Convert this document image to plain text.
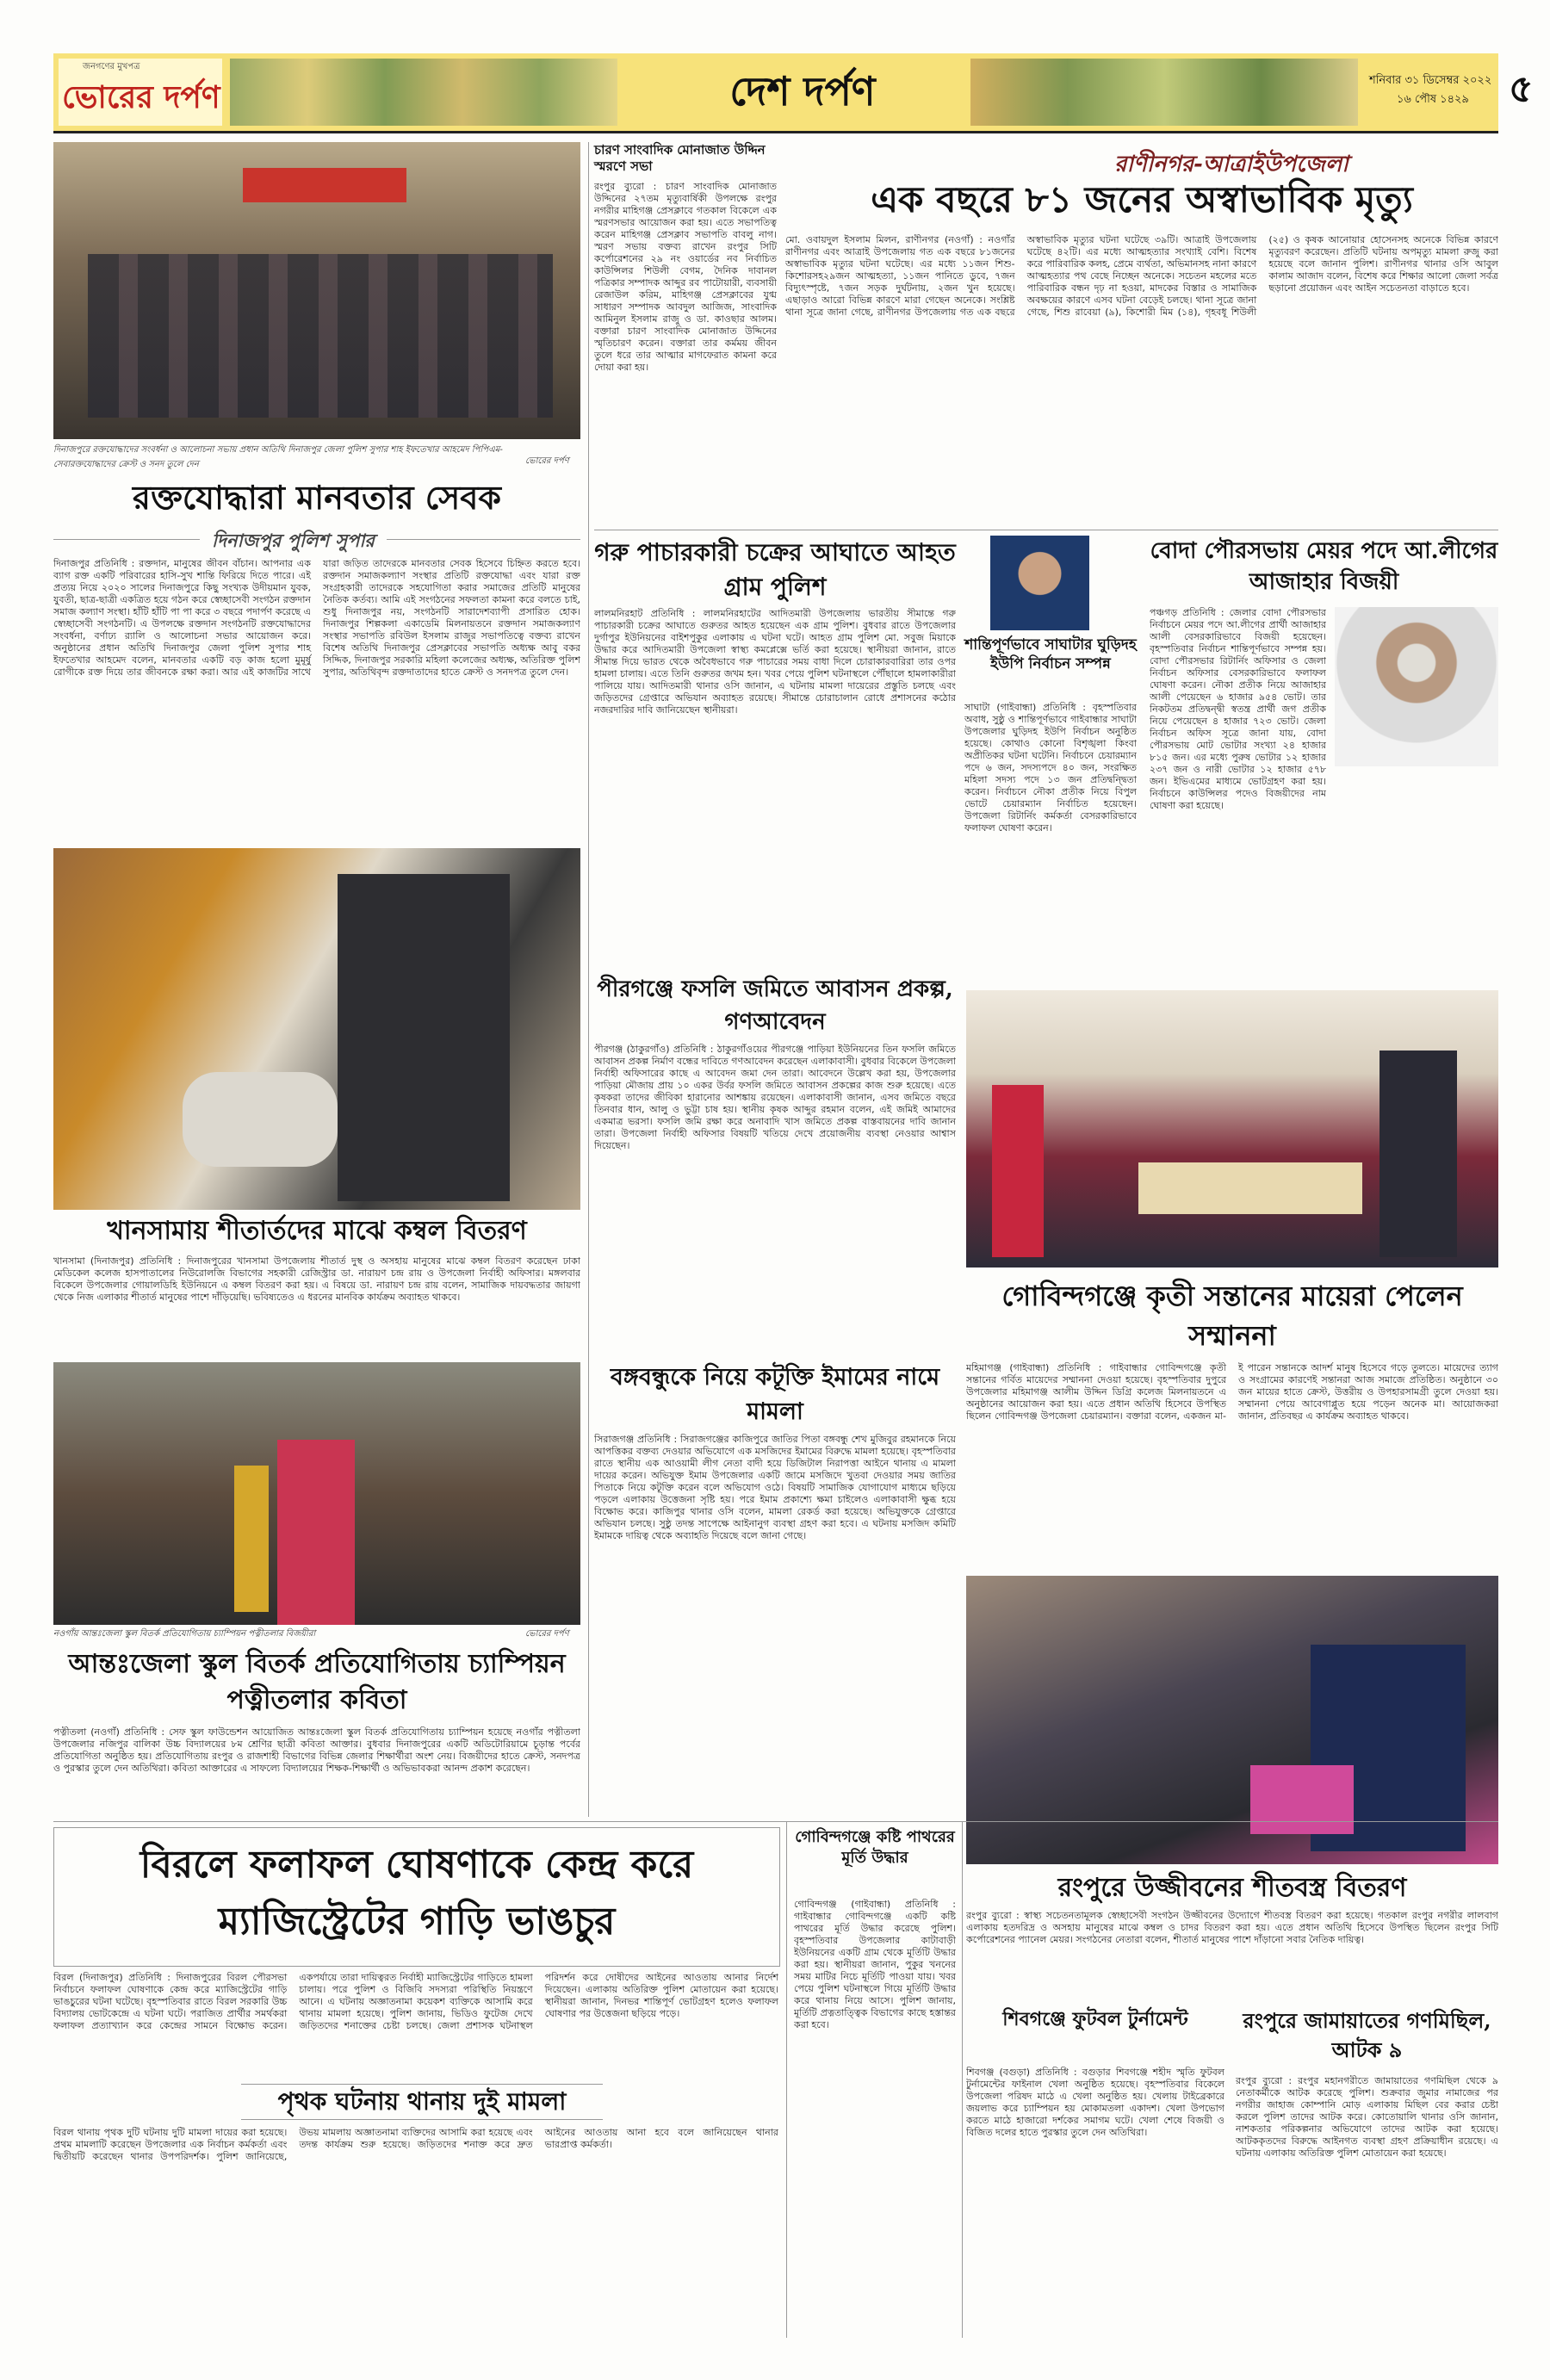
জনগণের মুখপত্র
ভোরের দর্পণ	দেশ দর্পণ	শনিবার ৩১ ডিসেম্বর ২০২২
১৬ পৌষ ১৪২৯ ৫
দিনাজপুরে রক্তযোদ্ধাদের সংবর্ধনা ও আলোচনা সভায় প্রধান অতিথি দিনাজপুর জেলা পুলিশ সুপার শাহ ইফতেখার আহমেদ পিপিএম-সেবারক্তযোদ্ধাদের ক্রেস্ট ও সনদ তুলে দেন	ভোরের দর্পণ
রক্তযোদ্ধারা মানবতার সেবক
দিনাজপুর পুলিশ সুপার
দিনাজপুর প্রতিনিধি : রক্তদান, মানুষের জীবন বাঁচান। আপনার এক ব্যাগ রক্ত একটি পরিবারের হাসি-সুখ শান্তি ফিরিয়ে দিতে পারে। এই প্রত্যয় নিয়ে ২০২০ সালের দিনাজপুরে কিছু সংখ্যক উদীয়মান যুবক, যুবতী, ছাত্র-ছাত্রী একত্রিত হয়ে গঠন করে স্বেচ্ছাসেবী সংগঠন রক্তদান সমাজ কল্যাণ সংস্থা। হাঁটি হাঁটি পা পা করে ৩ বছরে পদার্পণ করেছে এ স্বেচ্ছাসেবী সংগঠনটি। এ উপলক্ষে রক্তদান সংগঠনটি রক্তযোদ্ধাদের সংবর্ধনা, বর্ণাঢ্য র‍্যালি ও আলোচনা সভার আয়োজন করে। অনুষ্ঠানের প্রধান অতিথি দিনাজপুর জেলা পুলিশ সুপার শাহ ইফতেখার আহমেদ বলেন, মানবতার একটি বড় কাজ হলো মুমূর্ষু রোগীকে রক্ত দিয়ে তার জীবনকে রক্ষা করা। আর এই কাজটির সাথে যারা জড়িত তাদেরকে মানবতার সেবক হিসেবে চিহ্নিত করতে হবে। রক্তদান সমাজকল্যাণ সংস্থার প্রতিটি রক্তযোদ্ধা এবং যারা রক্ত সংগ্রহকারী তাদেরকে সহযোগিতা করার সমাজের প্রতিটি মানুষের নৈতিক কর্তব্য। আমি এই সংগঠনের সফলতা কামনা করে বলতে চাই, শুধু দিনাজপুর নয়, সংগঠনটি সারাদেশব্যাপী প্রসারিত হোক। দিনাজপুর শিল্পকলা একাডেমি মিলনায়তনে রক্তদান সমাজকল্যাণ সংস্থার সভাপতি রবিউল ইসলাম রাজুর সভাপতিত্বে বক্তব্য রাখেন বিশেষ অতিথি দিনাজপুর প্রেসক্লাবের সভাপতি অধ্যক্ষ আবু বকর সিদ্দিক, দিনাজপুর সরকারি মহিলা কলেজের অধ্যক্ষ, অতিরিক্ত পুলিশ সুপার, অতিথিবৃন্দ রক্তদাতাদের হাতে ক্রেস্ট ও সনদপত্র তুলে দেন।
চারণ সাংবাদিক মোনাজাত উদ্দিন স্মরণে সভা
রংপুর ব্যুরো : চারণ সাংবাদিক মোনাজাত উদ্দিনের ২৭তম মৃত্যুবার্ষিকী উপলক্ষে রংপুর নগরীর মাহিগঞ্জ প্রেসক্লাবে গতকাল বিকেলে এক স্মরণসভার আয়োজন করা হয়। এতে সভাপতিত্ব করেন মাহিগঞ্জ প্রেসক্লাব সভাপতি বাবলু নাগ। স্মরণ সভায় বক্তব্য রাখেন রংপুর সিটি কর্পোরেশনের ২৯ নং ওয়ার্ডের নব নির্বাচিত কাউন্সিলর শিউলী বেগম, দৈনিক দাবানল পত্রিকার সম্পাদক আব্দুর রব পাটোয়ারী, ব্যবসায়ী রেজাউল করিম, মাহিগঞ্জ প্রেসক্লাবের যুগ্ম সাধারণ সম্পাদক আবদুল আজিজ, সাংবাদিক আমিনুল ইসলাম রাজু ও ডা. কাওছার আলম। বক্তারা চারণ সাংবাদিক মোনাজাত উদ্দিনের স্মৃতিচারণ করেন। বক্তারা তার কর্মময় জীবন তুলে ধরে তার আত্মার মাগফেরাত কামনা করে দোয়া করা হয়।
রাণীনগর-আত্রাইউপজেলা
এক বছরে ৮১ জনের অস্বাভাবিক মৃত্যু
মো. ওবায়দুল ইসলাম মিলন, রাণীনগর (নওগাঁ) : নওগাঁর রাণীনগর এবং আত্রাই উপজেলায় গত এক বছরে ৮১জনের অস্বাভাবিক মৃত্যুর ঘটনা ঘটেছে। এর মধ্যে ১১জন শিশু-কিশোরসহ২৯জন আত্মহত্যা, ১১জন পানিতে ডুবে, ৭জন বিদ্যুৎস্পৃষ্টে, ৭জন সড়ক দুর্ঘটনায়, ২জন খুন হয়েছে। এছাড়াও আরো বিভিন্ন কারণে মারা গেছেন অনেকে। সংশ্লিষ্ট থানা সূত্রে জানা গেছে, রাণীনগর উপজেলায় গত এক বছরে অস্বাভাবিক মৃত্যুর ঘটনা ঘটেছে ৩৯টি। আত্রাই উপজেলায় ঘটেছে ৪২টি। এর মধ্যে আত্মহত্যার সংখ্যাই বেশি। বিশেষ করে পারিবারিক কলহ, প্রেমে ব্যর্থতা, অভিমানসহ নানা কারণে আত্মহত্যার পথ বেছে নিচ্ছেন অনেকে। সচেতন মহলের মতে পারিবারিক বন্ধন দৃঢ় না হওয়া, মাদকের বিস্তার ও সামাজিক অবক্ষয়ের কারণে এসব ঘটনা বেড়েই চলছে। থানা সূত্রে জানা গেছে, শিশু রাবেয়া (৯), কিশোরী মিম (১৪), গৃহবধূ শিউলী (২৫) ও কৃষক আনোয়ার হোসেনসহ অনেকে বিভিন্ন কারণে মৃত্যুবরণ করেছেন। প্রতিটি ঘটনায় অপমৃত্যু মামলা রুজু করা হয়েছে বলে জানান পুলিশ। রাণীনগর থানার ওসি আবুল কালাম আজাদ বলেন, বিশেষ করে শিক্ষার আলো জেলা সর্বত্র ছড়ানো প্রয়োজন এবং আইন সচেতনতা বাড়াতে হবে।
গরু পাচারকারী চক্রের আঘাতে আহত গ্রাম পুলিশ
লালমনিরহাট প্রতিনিধি : লালমনিরহাটের আদিতমারী উপজেলায় ভারতীয় সীমান্তে গরু পাচারকারী চক্রের আঘাতে গুরুতর আহত হয়েছেন এক গ্রাম পুলিশ। বুধবার রাতে উপজেলার দুর্গাপুর ইউনিয়নের বাইশপুকুর এলাকায় এ ঘটনা ঘটে। আহত গ্রাম পুলিশ মো. সবুজ মিয়াকে উদ্ধার করে আদিতমারী উপজেলা স্বাস্থ্য কমপ্লেক্সে ভর্তি করা হয়েছে। স্থানীয়রা জানান, রাতে সীমান্ত দিয়ে ভারত থেকে অবৈধভাবে গরু পাচারের সময় বাধা দিলে চোরাকারবারিরা তার ওপর হামলা চালায়। এতে তিনি গুরুতর জখম হন। খবর পেয়ে পুলিশ ঘটনাস্থলে পৌঁছালে হামলাকারীরা পালিয়ে যায়। আদিতমারী থানার ওসি জানান, এ ঘটনায় মামলা দায়েরের প্রস্তুতি চলছে এবং জড়িতদের গ্রেপ্তারে অভিযান অব্যাহত রয়েছে। সীমান্তে চোরাচালান রোধে প্রশাসনের কঠোর নজরদারির দাবি জানিয়েছেন স্থানীয়রা।
শান্তিপূর্ণভাবে সাঘাটার ঘুড়িদহ ইউপি নির্বাচন সম্পন্ন
সাঘাটা (গাইবান্ধা) প্রতিনিধি : বৃহস্পতিবার অবাধ, সুষ্ঠু ও শান্তিপূর্ণভাবে গাইবান্ধার সাঘাটা উপজেলার ঘুড়িদহ ইউপি নির্বাচন অনুষ্ঠিত হয়েছে। কোথাও কোনো বিশৃঙ্খলা কিংবা অপ্রীতিকর ঘটনা ঘটেনি। নির্বাচনে চেয়ারম্যান পদে ৬ জন, সদস্যপদে ৪০ জন, সংরক্ষিত মহিলা সদস্য পদে ১৩ জন প্রতিদ্বন্দ্বিতা করেন। নির্বাচনে নৌকা প্রতীক নিয়ে বিপুল ভোটে চেয়ারম্যান নির্বাচিত হয়েছেন। উপজেলা রিটার্নিং কর্মকর্তা বেসরকারিভাবে ফলাফল ঘোষণা করেন।
বোদা পৌরসভায় মেয়র পদে আ.লীগের আজাহার বিজয়ী
পঞ্চগড় প্রতিনিধি : জেলার বোদা পৌরসভার নির্বাচনে মেয়র পদে আ.লীগের প্রার্থী আজাহার আলী বেসরকারিভাবে বিজয়ী হয়েছেন। বৃহস্পতিবার নির্বাচন শান্তিপূর্ণভাবে সম্পন্ন হয়। বোদা পৌরসভার রিটার্নিং অফিসার ও জেলা নির্বাচন অফিসার বেসরকারিভাবে ফলাফল ঘোষণা করেন। নৌকা প্রতীক নিয়ে আজাহার আলী পেয়েছেন ৬ হাজার ৯৫৪ ভোট। তার নিকটতম প্রতিদ্বন্দ্বী স্বতন্ত্র প্রার্থী জগ প্রতীক নিয়ে পেয়েছেন ৪ হাজার ৭২৩ ভোট। জেলা নির্বাচন অফিস সূত্রে জানা যায়, বোদা পৌরসভায় মোট ভোটার সংখ্যা ২৪ হাজার ৮১৫ জন। এর মধ্যে পুরুষ ভোটার ১২ হাজার ২৩৭ জন ও নারী ভোটার ১২ হাজার ৫৭৮ জন। ইভিএমের মাধ্যমে ভোটগ্রহণ করা হয়। নির্বাচনে কাউন্সিলর পদেও বিজয়ীদের নাম ঘোষণা করা হয়েছে।
খানসামায় শীতার্তদের মাঝে কম্বল বিতরণ
খানসামা (দিনাজপুর) প্রতিনিধি : দিনাজপুরের খানসামা উপজেলায় শীতার্ত দুস্থ ও অসহায় মানুষের মাঝে কম্বল বিতরণ করেছেন ঢাকা মেডিকেল কলেজ হাসপাতালের নিউরোলজি বিভাগের সহকারী রেজিস্ট্রার ডা. নারায়ণ চন্দ্র রায় ও উপজেলা নির্বাহী অফিসার। মঙ্গলবার বিকেলে উপজেলার গোয়ালডিহি ইউনিয়নে এ কম্বল বিতরণ করা হয়। এ বিষয়ে ডা. নারায়ণ চন্দ্র রায় বলেন, সামাজিক দায়বদ্ধতার জায়গা থেকে নিজ এলাকার শীতার্ত মানুষের পাশে দাঁড়িয়েছি। ভবিষ্যতেও এ ধরনের মানবিক কার্যক্রম অব্যাহত থাকবে।
পীরগঞ্জে ফসলি জমিতে আবাসন প্রকল্প, গণআবেদন
পীরগঞ্জ (ঠাকুরগাঁও) প্রতিনিধি : ঠাকুরগাঁওয়ের পীরগঞ্জে পাড়িয়া ইউনিয়নের তিন ফসলি জমিতে আবাসন প্রকল্প নির্মাণ বন্ধের দাবিতে গণআবেদন করেছেন এলাকাবাসী। বুধবার বিকেলে উপজেলা নির্বাহী অফিসারের কাছে এ আবেদন জমা দেন তারা। আবেদনে উল্লেখ করা হয়, উপজেলার পাড়িয়া মৌজায় প্রায় ১০ একর উর্বর ফসলি জমিতে আবাসন প্রকল্পের কাজ শুরু হয়েছে। এতে কৃষকরা তাদের জীবিকা হারানোর আশঙ্কায় রয়েছেন। এলাকাবাসী জানান, এসব জমিতে বছরে তিনবার ধান, আলু ও ভুট্টা চাষ হয়। স্থানীয় কৃষক আব্দুর রহমান বলেন, এই জমিই আমাদের একমাত্র ভরসা। ফসলি জমি রক্ষা করে অনাবাদি খাস জমিতে প্রকল্প বাস্তবায়নের দাবি জানান তারা। উপজেলা নির্বাহী অফিসার বিষয়টি খতিয়ে দেখে প্রয়োজনীয় ব্যবস্থা নেওয়ার আশ্বাস দিয়েছেন।
গোবিন্দগঞ্জে কৃতী সন্তানের মায়েরা পেলেন সম্মাননা
মহিমাগঞ্জ (গাইবান্ধা) প্রতিনিধি : গাইবান্ধার গোবিন্দগঞ্জে কৃতী সন্তানের গর্বিত মায়েদের সম্মাননা দেওয়া হয়েছে। বৃহস্পতিবার দুপুরে উপজেলার মহিমাগঞ্জ আলীম উদ্দিন ডিগ্রি কলেজ মিলনায়তনে এ অনুষ্ঠানের আয়োজন করা হয়। এতে প্রধান অতিথি হিসেবে উপস্থিত ছিলেন গোবিন্দগঞ্জ উপজেলা চেয়ারম্যান। বক্তারা বলেন, একজন মা-ই পারেন সন্তানকে আদর্শ মানুষ হিসেবে গড়ে তুলতে। মায়েদের ত্যাগ ও সংগ্রামের কারণেই সন্তানরা আজ সমাজে প্রতিষ্ঠিত। অনুষ্ঠানে ৩০ জন মায়ের হাতে ক্রেস্ট, উত্তরীয় ও উপহারসামগ্রী তুলে দেওয়া হয়। সম্মাননা পেয়ে আবেগাপ্লুত হয়ে পড়েন অনেক মা। আয়োজকরা জানান, প্রতিবছর এ কার্যক্রম অব্যাহত থাকবে।
নওগাঁয় আন্তঃজেলা স্কুল বিতর্ক প্রতিযোগিতায় চ্যাম্পিয়ন পত্নীতলার বিজয়ীরা	ভোরের দর্পণ
আন্তঃজেলা স্কুল বিতর্ক প্রতিযোগিতায় চ্যাম্পিয়ন পত্নীতলার কবিতা
পত্নীতলা (নওগাঁ) প্রতিনিধি : সেফ স্কুল ফাউন্ডেশন আয়োজিত আন্তঃজেলা স্কুল বিতর্ক প্রতিযোগিতায় চ্যাম্পিয়ন হয়েছে নওগাঁর পত্নীতলা উপজেলার নজিপুর বালিকা উচ্চ বিদ্যালয়ের ৮ম শ্রেণির ছাত্রী কবিতা আক্তার। বুধবার দিনাজপুরের একটি অডিটোরিয়ামে চূড়ান্ত পর্বের প্রতিযোগিতা অনুষ্ঠিত হয়। প্রতিযোগিতায় রংপুর ও রাজশাহী বিভাগের বিভিন্ন জেলার শিক্ষার্থীরা অংশ নেয়। বিজয়ীদের হাতে ক্রেস্ট, সনদপত্র ও পুরস্কার তুলে দেন অতিথিরা। কবিতা আক্তারের এ সাফল্যে বিদ্যালয়ের শিক্ষক-শিক্ষার্থী ও অভিভাবকরা আনন্দ প্রকাশ করেছেন।
বঙ্গবন্ধুকে নিয়ে কটূক্তি ইমামের নামে মামলা
সিরাজগঞ্জ প্রতিনিধি : সিরাজগঞ্জের কাজিপুরে জাতির পিতা বঙ্গবন্ধু শেখ মুজিবুর রহমানকে নিয়ে আপত্তিকর বক্তব্য দেওয়ার অভিযোগে এক মসজিদের ইমামের বিরুদ্ধে মামলা হয়েছে। বৃহস্পতিবার রাতে স্থানীয় এক আওয়ামী লীগ নেতা বাদী হয়ে ডিজিটাল নিরাপত্তা আইনে থানায় এ মামলা দায়ের করেন। অভিযুক্ত ইমাম উপজেলার একটি জামে মসজিদে খুতবা দেওয়ার সময় জাতির পিতাকে নিয়ে কটূক্তি করেন বলে অভিযোগ ওঠে। বিষয়টি সামাজিক যোগাযোগ মাধ্যমে ছড়িয়ে পড়লে এলাকায় উত্তেজনা সৃষ্টি হয়। পরে ইমাম প্রকাশ্যে ক্ষমা চাইলেও এলাকাবাসী ক্ষুব্ধ হয়ে বিক্ষোভ করে। কাজিপুর থানার ওসি বলেন, মামলা রেকর্ড করা হয়েছে। অভিযুক্তকে গ্রেপ্তারে অভিযান চলছে। সুষ্ঠু তদন্ত সাপেক্ষে আইনানুগ ব্যবস্থা গ্রহণ করা হবে। এ ঘটনায় মসজিদ কমিটি ইমামকে দায়িত্ব থেকে অব্যাহতি দিয়েছে বলে জানা গেছে।
রংপুরে উজ্জীবনের শীতবস্ত্র বিতরণ
রংপুর ব্যুরো : স্বাস্থ্য সচেতনতামূলক স্বেচ্ছাসেবী সংগঠন উজ্জীবনের উদ্যোগে শীতবস্ত্র বিতরণ করা হয়েছে। গতকাল রংপুর নগরীর লালবাগ এলাকায় হতদরিদ্র ও অসহায় মানুষের মাঝে কম্বল ও চাদর বিতরণ করা হয়। এতে প্রধান অতিথি হিসেবে উপস্থিত ছিলেন রংপুর সিটি কর্পোরেশনের প্যানেল মেয়র। সংগঠনের নেতারা বলেন, শীতার্ত মানুষের পাশে দাঁড়ানো সবার নৈতিক দায়িত্ব।
বিরলে ফলাফল ঘোষণাকে কেন্দ্র করে ম্যাজিস্ট্রেটের গাড়ি ভাঙচুর
বিরল (দিনাজপুর) প্রতিনিধি : দিনাজপুরের বিরল পৌরসভা নির্বাচনে ফলাফল ঘোষণাকে কেন্দ্র করে ম্যাজিস্ট্রেটের গাড়ি ভাঙচুরের ঘটনা ঘটেছে। বৃহস্পতিবার রাতে বিরল সরকারি উচ্চ বিদ্যালয় ভোটকেন্দ্রে এ ঘটনা ঘটে। পরাজিত প্রার্থীর সমর্থকরা ফলাফল প্রত্যাখ্যান করে কেন্দ্রের সামনে বিক্ষোভ করেন। একপর্যায়ে তারা দায়িত্বরত নির্বাহী ম্যাজিস্ট্রেটের গাড়িতে হামলা চালায়। পরে পুলিশ ও বিজিবি সদস্যরা পরিস্থিতি নিয়ন্ত্রণে আনে। এ ঘটনায় অজ্ঞাতনামা কয়েকশ ব্যক্তিকে আসামি করে থানায় মামলা হয়েছে। পুলিশ জানায়, ভিডিও ফুটেজ দেখে জড়িতদের শনাক্তের চেষ্টা চলছে। জেলা প্রশাসক ঘটনাস্থল পরিদর্শন করে দোষীদের আইনের আওতায় আনার নির্দেশ দিয়েছেন। এলাকায় অতিরিক্ত পুলিশ মোতায়েন করা হয়েছে। স্থানীয়রা জানান, দিনভর শান্তিপূর্ণ ভোটগ্রহণ হলেও ফলাফল ঘোষণার পর উত্তেজনা ছড়িয়ে পড়ে।
পৃথক ঘটনায় থানায় দুই মামলা
বিরল থানায় পৃথক দুটি ঘটনায় দুটি মামলা দায়ের করা হয়েছে। প্রথম মামলাটি করেছেন উপজেলার এক নির্বাচন কর্মকর্তা এবং দ্বিতীয়টি করেছেন থানার উপপরিদর্শক। পুলিশ জানিয়েছে, উভয় মামলায় অজ্ঞাতনামা ব্যক্তিদের আসামি করা হয়েছে এবং তদন্ত কার্যক্রম শুরু হয়েছে। জড়িতদের শনাক্ত করে দ্রুত আইনের আওতায় আনা হবে বলে জানিয়েছেন থানার ভারপ্রাপ্ত কর্মকর্তা।
গোবিন্দগঞ্জে কষ্টি পাথরের মূর্তি উদ্ধার
গোবিন্দগঞ্জ (গাইবান্ধা) প্রতিনিধি : গাইবান্ধার গোবিন্দগঞ্জে একটি কষ্টি পাথরের মূর্তি উদ্ধার করেছে পুলিশ। বৃহস্পতিবার উপজেলার কাটাবাড়ী ইউনিয়নের একটি গ্রাম থেকে মূর্তিটি উদ্ধার করা হয়। স্থানীয়রা জানান, পুকুর খননের সময় মাটির নিচে মূর্তিটি পাওয়া যায়। খবর পেয়ে পুলিশ ঘটনাস্থলে গিয়ে মূর্তিটি উদ্ধার করে থানায় নিয়ে আসে। পুলিশ জানায়, মূর্তিটি প্রত্নতাত্ত্বিক বিভাগের কাছে হস্তান্তর করা হবে।	শিবগঞ্জে ফুটবল টুর্নামেন্ট
শিবগঞ্জ (বগুড়া) প্রতিনিধি : বগুড়ার শিবগঞ্জে শহীদ স্মৃতি ফুটবল টুর্নামেন্টের ফাইনাল খেলা অনুষ্ঠিত হয়েছে। বৃহস্পতিবার বিকেলে উপজেলা পরিষদ মাঠে এ খেলা অনুষ্ঠিত হয়। খেলায় টাইব্রেকারে জয়লাভ করে চ্যাম্পিয়ন হয় মোকামতলা একাদশ। খেলা উপভোগ করতে মাঠে হাজারো দর্শকের সমাগম ঘটে। খেলা শেষে বিজয়ী ও বিজিত দলের হাতে পুরস্কার তুলে দেন অতিথিরা।
রংপুরে জামায়াতের গণমিছিল, আটক ৯
রংপুর ব্যুরো : রংপুর মহানগরীতে জামায়াতের গণমিছিল থেকে ৯ নেতাকর্মীকে আটক করেছে পুলিশ। শুক্রবার জুমার নামাজের পর নগরীর জাহাজ কোম্পানি মোড় এলাকায় মিছিল বের করার চেষ্টা করলে পুলিশ তাদের আটক করে। কোতোয়ালি থানার ওসি জানান, নাশকতার পরিকল্পনার অভিযোগে তাদের আটক করা হয়েছে। আটককৃতদের বিরুদ্ধে আইনগত ব্যবস্থা গ্রহণ প্রক্রিয়াধীন রয়েছে। এ ঘটনায় এলাকায় অতিরিক্ত পুলিশ মোতায়েন করা হয়েছে।
